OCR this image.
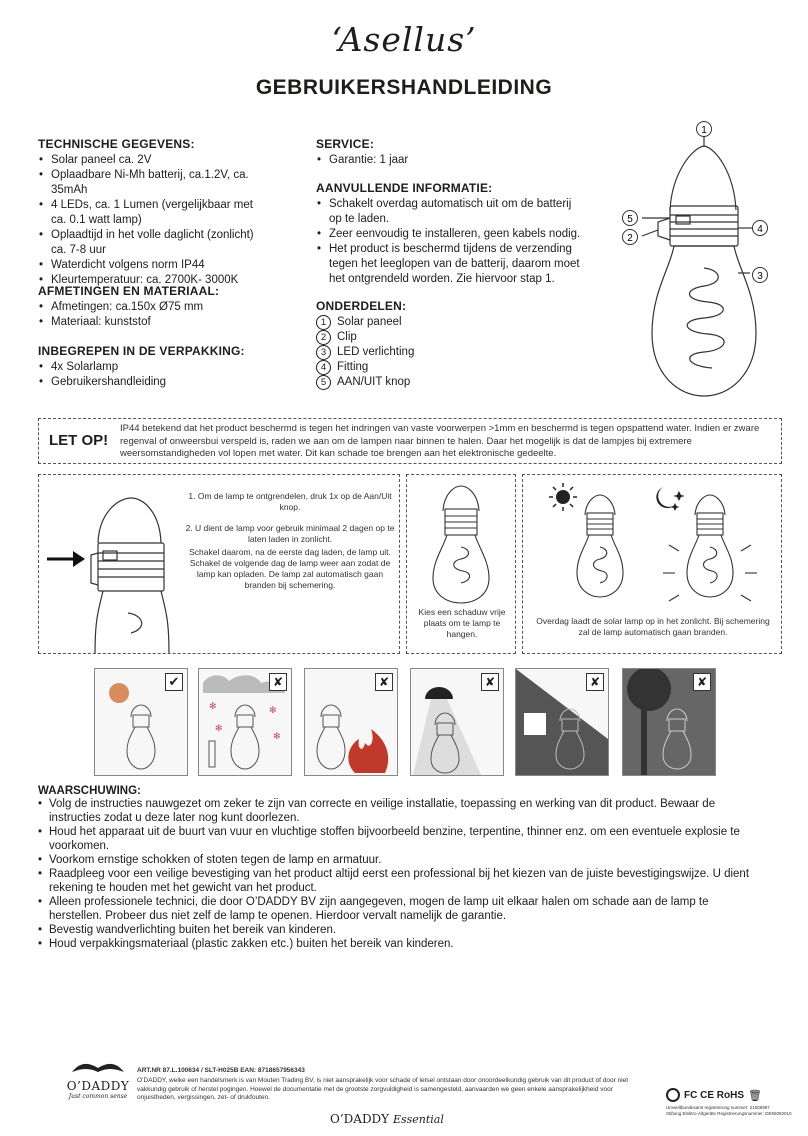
‘Asellus’
GEBRUIKERSHANDLEIDING
TECHNISCHE GEGEVENS:
• Solar paneel ca. 2V
• Oplaadbare Ni-Mh batterij, ca.1.2V, ca. 35mAh
• 4 LEDs, ca. 1 Lumen (vergelijkbaar met
ca. 0.1 watt lamp)
• Oplaadtijd in het volle daglicht (zonlicht)
ca. 7-8 uur
• Waterdicht volgens norm IP44
• Kleurtemperatuur: ca. 2700K- 3000K
AFMETINGEN EN MATERIAAL:
• Afmetingen: ca.150x Ø75 mm
• Materiaal: kunststof
INBEGREPEN IN DE VERPAKKING:
• 4x Solarlamp
• Gebruikershandleiding
SERVICE:
• Garantie: 1 jaar
AANVULLENDE INFORMATIE:
• Schakelt overdag automatisch uit om de batterij
op te laden.
• Zeer eenvoudig te installeren, geen kabels nodig.
• Het product is beschermd tijdens de verzending
tegen het leeglopen van de batterij, daarom moet
het ontgrendeld worden. Zie hiervoor stap 1.
ONDERDELEN:
1 Solar paneel
2 Clip
3 LED verlichting
4 Fitting
5 AAN/UIT knop
1
5
4
2
3
LET OP!
IP44 betekend dat het product beschermd is tegen het indringen van vaste voorwerpen >1mm en beschermd is tegen opspattend water. Indien er zware regenval of onweersbui verspeld is, raden we aan om de lampen naar binnen te halen. Daar het mogelijk is dat de lampjes bij extremere weersomstandigheden vol lopen met water. Dit kan schade toe brengen aan het elektronische gedeelte.
1. Om de lamp te ontgrendelen, druk 1x op de Aan/Uit knop.
2. U dient de lamp voor gebruik minimaal 2 dagen op te laten laden in zonlicht.
Schakel daarom, na de eerste dag laden, de lamp uit. Schakel de volgende dag de lamp weer aan zodat de lamp kan opladen. De lamp zal automatisch gaan branden bij schemering.
Kies een schaduw vrije plaats om te lamp te hangen.
Overdag laadt de solar lamp op in het zonlicht. Bij schemering zal de lamp automatisch gaan branden.
✔
✻	✻
✻
✻
✘	✘	✘	✘	✘
WAARSCHUWING:
• Volg de instructies nauwgezet om zeker te zijn van correcte en veilige installatie, toepassing en werking van dit product. Bewaar de instructies zodat u deze later nog kunt doorlezen.
• Houd het apparaat uit de buurt van vuur en vluchtige stoffen bijvoorbeeld benzine, terpentine, thinner enz. om een eventuele explosie te voorkomen.
• Voorkom ernstige schokken of stoten tegen de lamp en armatuur.
• Raadpleeg voor een veilige bevestiging van het product altijd eerst een professional bij het kiezen van de juiste bevestigingswijze. U dient rekening te houden met het gewicht van het product.
• Alleen professionele technici, die door O’DADDY BV zijn aangegeven, mogen de lamp uit elkaar halen om schade aan de lamp te herstellen. Probeer dus niet zelf de lamp te openen. Hierdoor vervalt namelijk de garantie.
• Bevestig wandverlichting buiten het bereik van kinderen.
• Houd verpakkingsmateriaal (plastic zakken etc.) buiten het bereik van kinderen.
O’DADDY
Just common sense
ART.NR 87.L.100634 / SLT-H025B EAN: 8718657956343
O’DADDY, welke een handelsmerk is van Mouten Trading BV, is niet aansprakelijk voor schade of letsel ontstaan door onoordeelkundig gebruik van dit product of door niet vakkundig gebruik of herstel pogingen. Hoewel de documentatie met de grootste zorgvuldigheid is samengesteld, aanvaarden we geen enkele aansprakelijkheid voor onjuistheden, vergissingen, zet- of drukfouten.
O’DADDY Essential
FC CE RoHS 🗑
Umweltbundesamt registrierung nummer: 21006997
Stiftung Elektro-Altgeräte Registrierungsnummer: DE55082010
